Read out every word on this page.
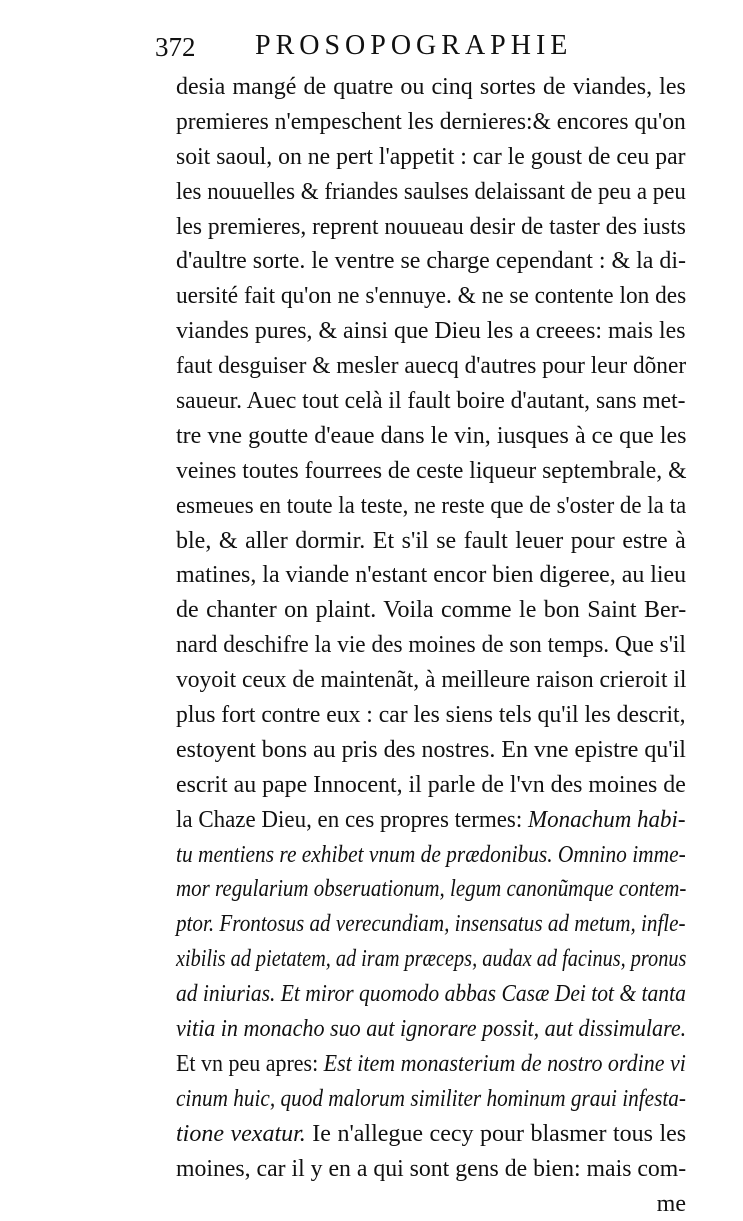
372 PROSOPOGRAPHIE
desia mangé de quatre ou cinq sortes de viandes, les
premieres n'empeschent les dernieres:& encores qu'on
soit saoul, on ne pert l'appetit : car le goust de ceu par
les nouuelles & friandes saulses delaissant de peu a peu
les premieres, reprent nouueau desir de taster des iusts
d'aultre sorte. le ventre se charge cependant : & la di-
uersité fait qu'on ne s'ennuye. & ne se contente lon des
viandes pures, & ainsi que Dieu les a creees: mais les
faut desguiser & mesler auecq d'autres pour leur dõner
saueur. Auec tout celà il fault boire d'autant, sans met-
tre vne goutte d'eaue dans le vin, iusques à ce que les
veines toutes fourrees de ceste liqueur septembrale, &
esmeues en toute la teste, ne reste que de s'oster de la ta
ble, & aller dormir. Et s'il se fault leuer pour estre à
matines, la viande n'estant encor bien digeree, au lieu
de chanter on plaint. Voila comme le bon Saint Ber-
nard deschifre la vie des moines de son temps. Que s'il
voyoit ceux de maintenãt, à meilleure raison crieroit il
plus fort contre eux : car les siens tels qu'il les descrit,
estoyent bons au pris des nostres. En vne epistre qu'il
escrit au pape Innocent, il parle de l'vn des moines de
la Chaze Dieu, en ces propres termes: Monachum habi-
tu mentiens re exhibet vnum de prædonibus. Omnino imme-
mor regularium obseruationum, legum canonũmque contem-
ptor. Frontosus ad verecundiam, insensatus ad metum, infle-
xibilis ad pietatem, ad iram præceps, audax ad facinus, pronus
ad iniurias. Et miror quomodo abbas Casæ Dei tot & tanta
vitia in monacho suo aut ignorare possit, aut dissimulare.
Et vn peu apres: Est item monasterium de nostro ordine vi
cinum huic, quod malorum similiter hominum graui infesta-
tione vexatur. Ie n'allegue cecy pour blasmer tous les
moines, car il y en a qui sont gens de bien: mais com-
me
